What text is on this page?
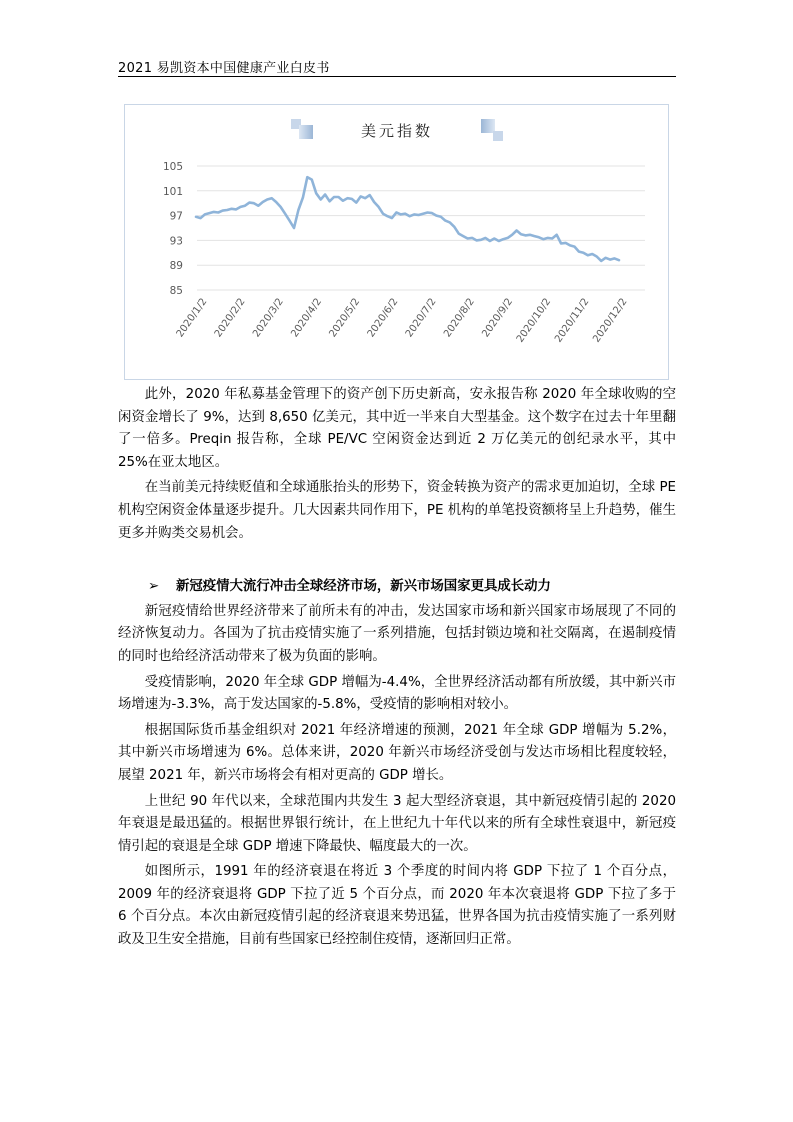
2021 易凯资本中国健康产业白皮书
美元指数
85
89
93
97
101
105
2020/1/2 2020/2/2 2020/3/2 2020/4/2 2020/5/2 2020/6/2 2020/7/2 2020/8/2 2020/9/2 2020/10/2 2020/11/2 2020/12/2

此外，2020 年私募基金管理下的资产创下历史新高，安永报告称 2020 年全球收购的空闲资金增长了 9%，达到 8,650 亿美元，其中近一半来自大型基金。这个数字在过去十年里翻了一倍多。Preqin 报告称，全球 PE/VC 空闲资金达到近 2 万亿美元的创纪录水平，其中 25%在亚太地区。

在当前美元持续贬值和全球通胀抬头的形势下，资金转换为资产的需求更加迫切，全球 PE 机构空闲资金体量逐步提升。几大因素共同作用下，PE 机构的单笔投资额将呈上升趋势，催生更多并购类交易机会。

➢ 新冠疫情大流行冲击全球经济市场，新兴市场国家更具成长动力

新冠疫情给世界经济带来了前所未有的冲击，发达国家市场和新兴国家市场展现了不同的经济恢复动力。各国为了抗击疫情实施了一系列措施，包括封锁边境和社交隔离，在遏制疫情的同时也给经济活动带来了极为负面的影响。

受疫情影响，2020 年全球 GDP 增幅为-4.4%，全世界经济活动都有所放缓，其中新兴市场增速为-3.3%，高于发达国家的-5.8%，受疫情的影响相对较小。

根据国际货币基金组织对 2021 年经济增速的预测，2021 年全球 GDP 增幅为 5.2%，其中新兴市场增速为 6%。总体来讲，2020 年新兴市场经济受创与发达市场相比程度较轻，展望 2021 年，新兴市场将会有相对更高的 GDP 增长。

上世纪 90 年代以来，全球范围内共发生 3 起大型经济衰退，其中新冠疫情引起的 2020 年衰退是最迅猛的。根据世界银行统计，在上世纪九十年代以来的所有全球性衰退中，新冠疫情引起的衰退是全球 GDP 增速下降最快、幅度最大的一次。

如图所示，1991 年的经济衰退在将近 3 个季度的时间内将 GDP 下拉了 1 个百分点，2009 年的经济衰退将 GDP 下拉了近 5 个百分点，而 2020 年本次衰退将 GDP 下拉了多于 6 个百分点。本次由新冠疫情引起的经济衰退来势迅猛，世界各国为抗击疫情实施了一系列财政及卫生安全措施，目前有些国家已经控制住疫情，逐渐回归正常。
